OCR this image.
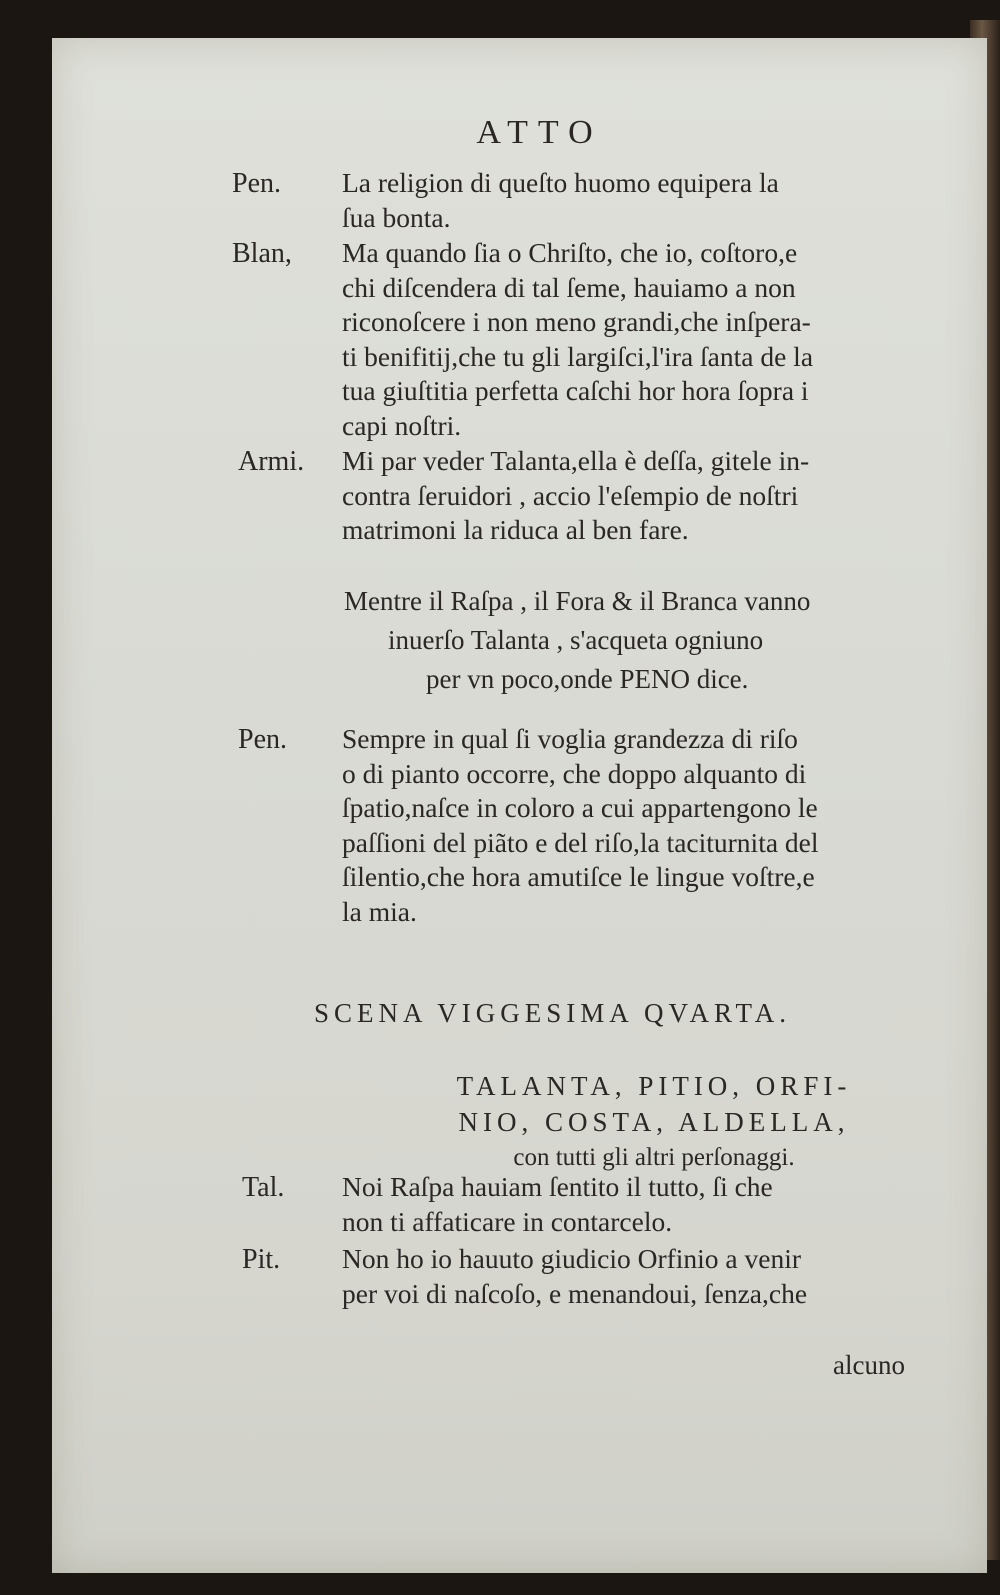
ATTO
Pen. La religion di queſto huomo equipera la
ſua bonta.
Blan, Ma quando ſia o Chriſto, che io, coſtoro,e
chi diſcendera di tal ſeme, hauiamo a non
riconoſcere i non meno grandi,che inſpera-
ti benifitij,che tu gli largiſci,l'ira ſanta de la
tua giuſtitia perfetta caſchi hor hora ſopra i
capi noſtri.
Armi. Mi par veder Talanta,ella è deſſa, gitele in-
contra ſeruidori , accio l'eſempio de noſtri
matrimoni la riduca al ben fare.
Mentre il Raſpa , il Fora & il Branca vanno
inuerſo Talanta , s'acqueta ogniuno
per vn poco,onde PENO dice.
Pen. Sempre in qual ſi voglia grandezza di riſo
o di pianto occorre, che doppo alquanto di
ſpatio,naſce in coloro a cui appartengono le
paſſioni del piãto e del riſo,la taciturnita del
ſilentio,che hora amutiſce le lingue voſtre,e
la mia.
SCENA VIGGESIMA QVARTA.
TALANTA, PITIO, ORFI-
NIO, COSTA, ALDELLA,
con tutti gli altri perſonaggi.
Tal. Noi Raſpa hauiam ſentito il tutto, ſi che
non ti affaticare in contarcelo.
Pit. Non ho io hauuto giudicio Orfinio a venir
per voi di naſcoſo, e menandoui, ſenza,che
alcuno
